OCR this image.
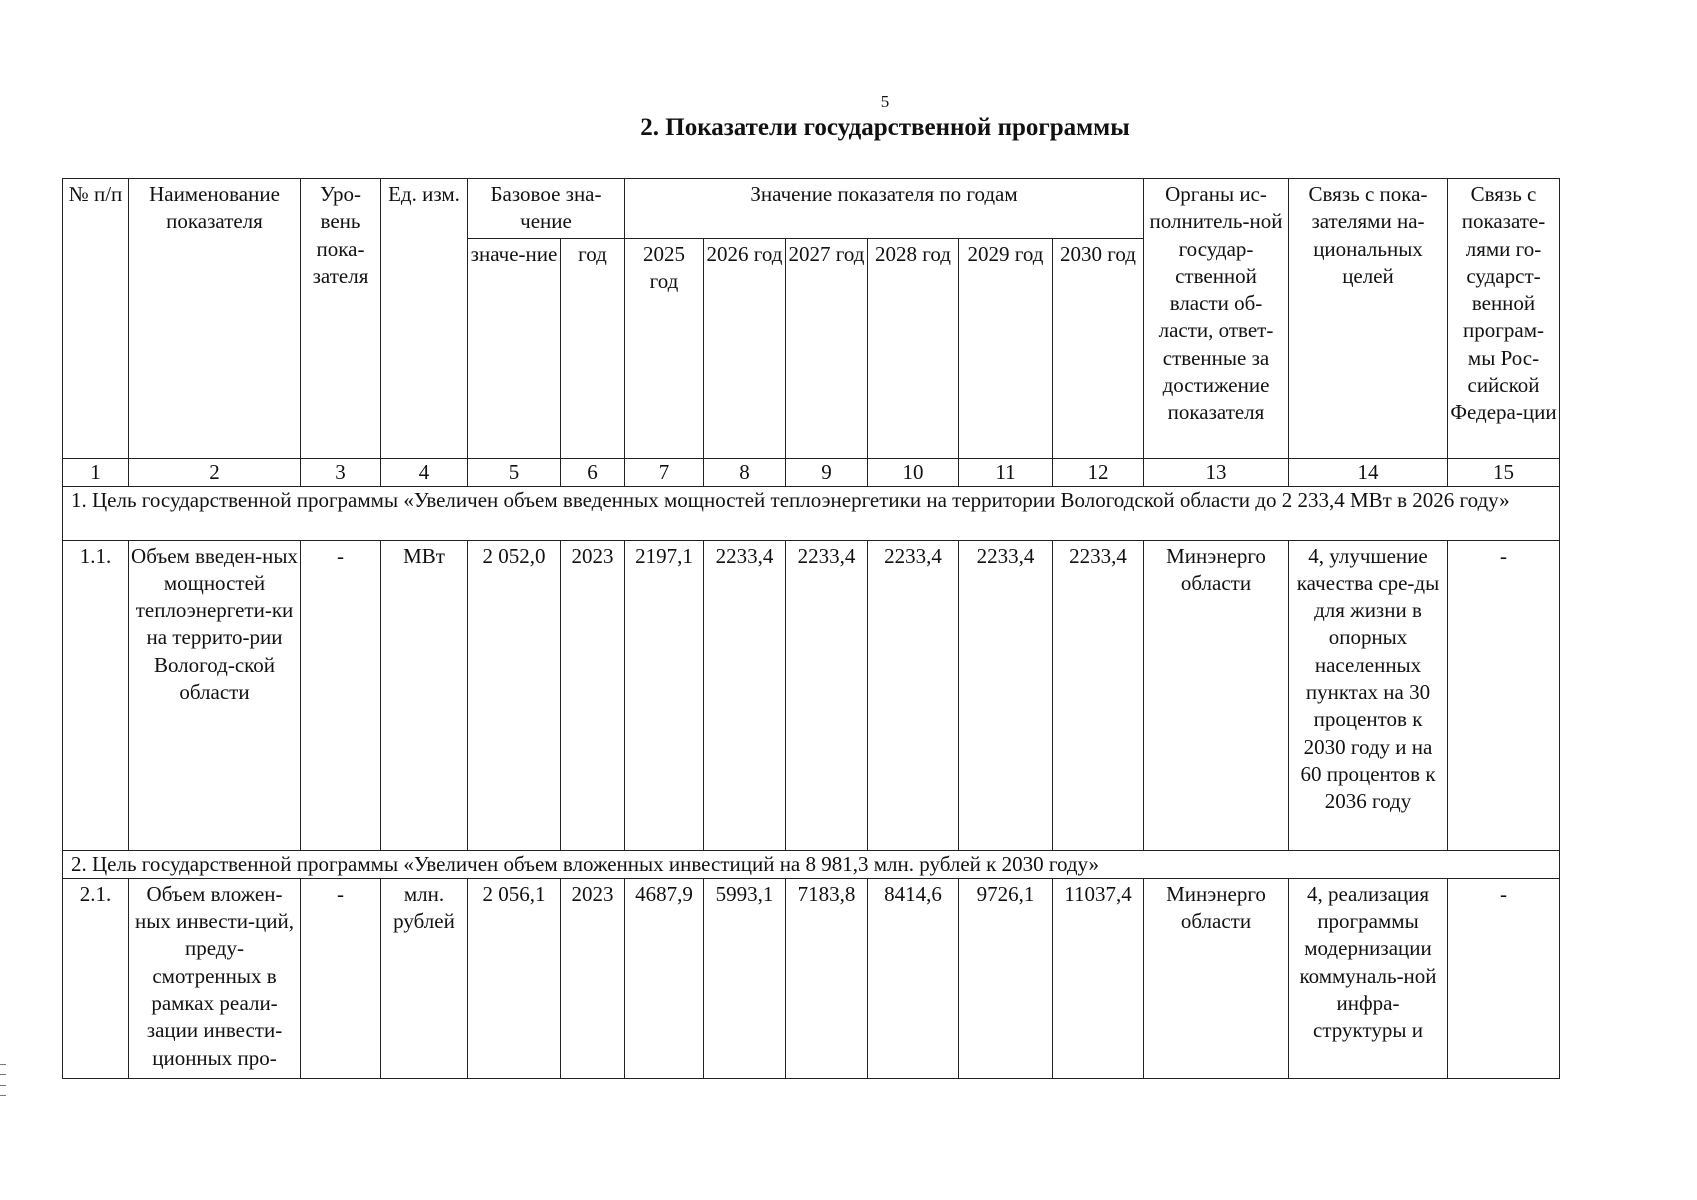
5
2. Показатели государственной программы
№ п/п	Наименование показателя	Уро-вень пока-зателя	Ед. изм.	Базовое зна-чение		Значение показателя по годам						Органы ис-полнитель-ной государ-ственной власти об-ласти, ответ-ственные за достижение показателя	Связь с пока-зателями на-циональных целей	Связь с показате-лями го-сударст-венной програм-мы Рос-сийской Федера-ции
				значе-ние	год	2025 год	2026 год	2027 год	2028 год	2029 год	2030 год			
1	2	3	4	5	6	7	8	9	10	11	12	13	14	15
1. Цель государственной программы «Увеличен объем введенных мощностей теплоэнергетики на территории Вологодской области до 2 233,4 МВт в 2026 году»														
1.1.	Объем введен-ных мощностей теплоэнергети-ки на террито-рии Вологод-ской области	-	МВт	2 052,0	2023	2197,1	2233,4	2233,4	2233,4	2233,4	2233,4	Минэнерго области	4, улучшение качества сре-ды для жизни в опорных населенных пунктах на 30 процентов к 2030 году и на 60 процентов к 2036 году	-
2. Цель государственной программы «Увеличен объем вложенных инвестиций на 8 981,3 млн. рублей к 2030 году»														
2.1.	Объем вложен-ных инвести-ций, преду-смотренных в рамках реали-зации инвести-ционных про-	-	млн. рублей	2 056,1	2023	4687,9	5993,1	7183,8	8414,6	9726,1	11037,4	Минэнерго области	4, реализация программы модернизации коммуналь-ной инфра-структуры и	-
